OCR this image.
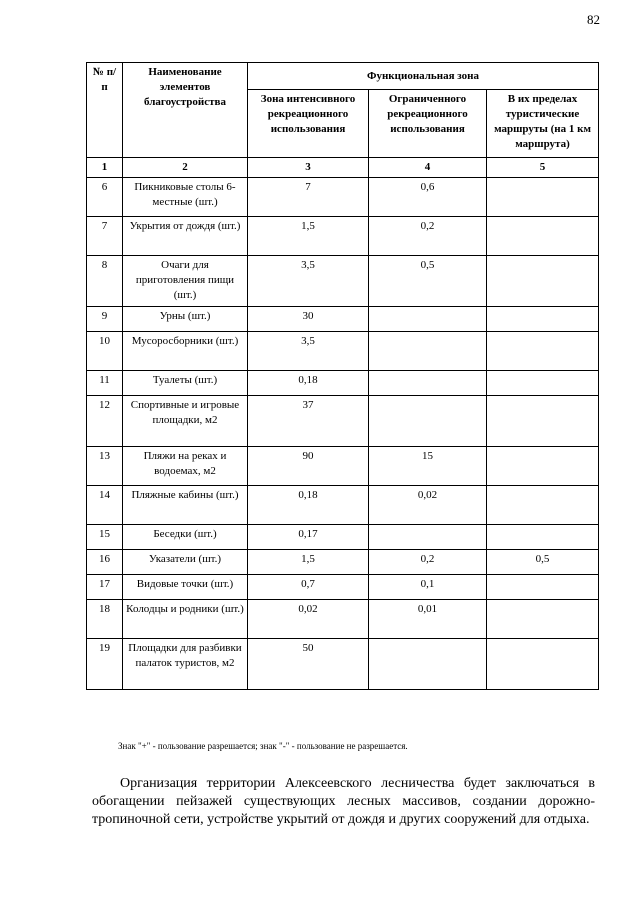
82
№ п/п	Наименование элементов благоустройства	Функциональная зона		
		Зона интенсивного рекреационного использования	Ограниченного рекреационного использования	В их пределах туристические маршруты (на 1 км маршрута)
1	2	3	4	5
6	Пикниковые столы 6-местные (шт.)	7	0,6	
7	Укрытия от дождя (шт.)	1,5	0,2	
8	Очаги для приготовления пищи (шт.)	3,5	0,5	
9	Урны (шт.)	30		
10	Мусоросборники (шт.)	3,5		
11	Туалеты (шт.)	0,18		
12	Спортивные и игровые площадки, м2	37		
13	Пляжи на реках и водоемах, м2	90	15	
14	Пляжные кабины (шт.)	0,18	0,02	
15	Беседки (шт.)	0,17		
16	Указатели (шт.)	1,5	0,2	0,5
17	Видовые точки (шт.)	0,7	0,1	
18	Колодцы и родники (шт.)	0,02	0,01	
19	Площадки для разбивки палаток туристов, м2	50		
Знак "+" - пользование разрешается; знак "-" - пользование не разрешается.
Организация территории Алексеевского лесничества будет заключаться в обогащении пейзажей существующих лесных массивов, создании дорожно-тропиночной сети, устройстве укрытий от дождя и других сооружений для отдыха.
